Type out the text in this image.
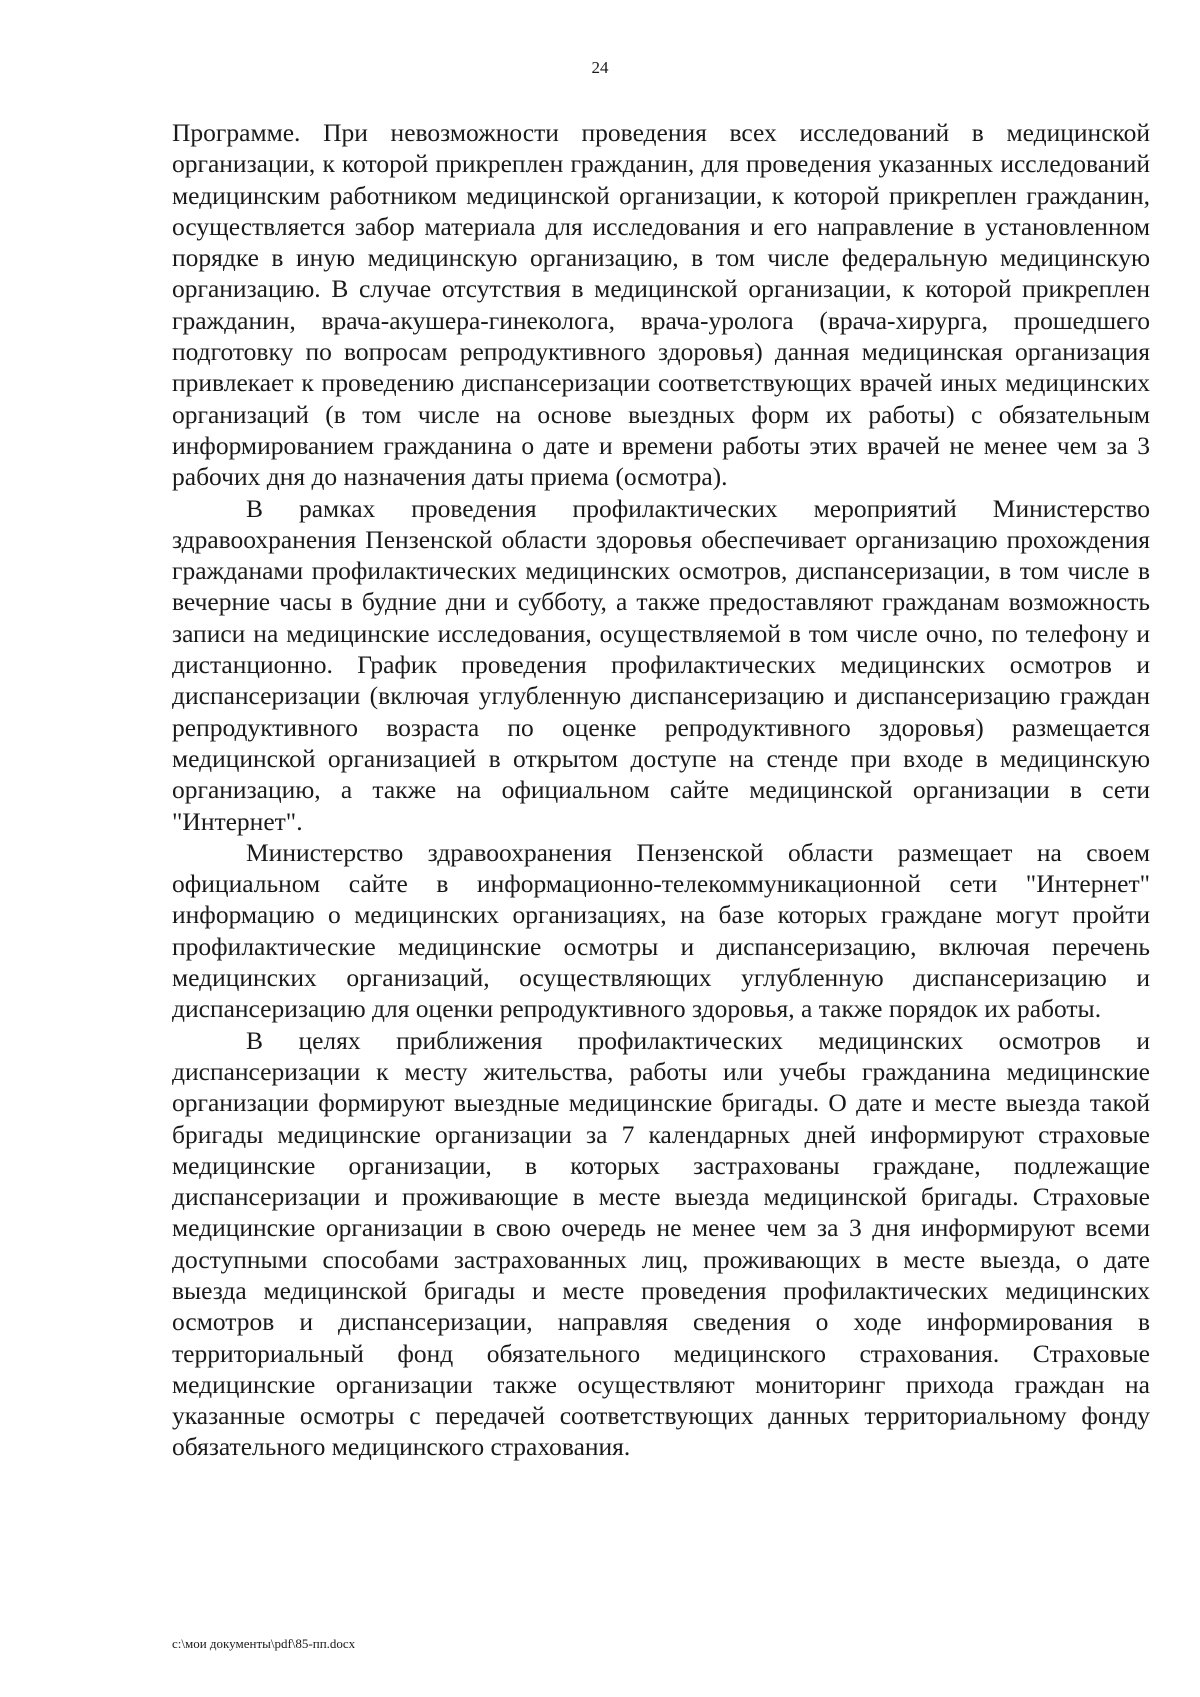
24

Программе. При невозможности проведения всех исследований в медицинской организации, к которой прикреплен гражданин, для проведения указанных исследований медицинским работником медицинской организации, к которой прикреплен гражданин, осуществляется забор материала для исследования и его направление в установленном порядке в иную медицинскую организацию, в том числе федеральную медицинскую организацию. В случае отсутствия в медицинской организации, к которой прикреплен гражданин, врача-акушера-гинеколога, врача-уролога (врача-хирурга, прошедшего подготовку по вопросам репродуктивного здоровья) данная медицинская организация привлекает к проведению диспансеризации соответствующих врачей иных медицинских организаций (в том числе на основе выездных форм их работы) с обязательным информированием гражданина о дате и времени работы этих врачей не менее чем за 3 рабочих дня до назначения даты приема (осмотра).

В рамках проведения профилактических мероприятий Министерство здравоохранения Пензенской области здоровья обеспечивает организацию прохождения гражданами профилактических медицинских осмотров, диспансеризации, в том числе в вечерние часы в будние дни и субботу, а также предоставляют гражданам возможность записи на медицинские исследования, осуществляемой в том числе очно, по телефону и дистанционно. График проведения профилактических медицинских осмотров и диспансеризации (включая углубленную диспансеризацию и диспансеризацию граждан репродуктивного возраста по оценке репродуктивного здоровья) размещается медицинской организацией в открытом доступе на стенде при входе в медицинскую организацию, а также на официальном сайте медицинской организации в сети "Интернет".

Министерство здравоохранения Пензенской области размещает на своем официальном сайте в информационно-телекоммуникационной сети "Интернет" информацию о медицинских организациях, на базе которых граждане могут пройти профилактические медицинские осмотры и диспансеризацию, включая перечень медицинских организаций, осуществляющих углубленную диспансеризацию и диспансеризацию для оценки репродуктивного здоровья, а также порядок их работы.

В целях приближения профилактических медицинских осмотров и диспансеризации к месту жительства, работы или учебы гражданина медицинские организации формируют выездные медицинские бригады. О дате и месте выезда такой бригады медицинские организации за 7 календарных дней информируют страховые медицинские организации, в которых застрахованы граждане, подлежащие диспансеризации и проживающие в месте выезда медицинской бригады. Страховые медицинские организации в свою очередь не менее чем за 3 дня информируют всеми доступными способами застрахованных лиц, проживающих в месте выезда, о дате выезда медицинской бригады и месте проведения профилактических медицинских осмотров и диспансеризации, направляя сведения о ходе информирования в территориальный фонд обязательного медицинского страхования. Страховые медицинские организации также осуществляют мониторинг прихода граждан на указанные осмотры с передачей соответствующих данных территориальному фонду обязательного медицинского страхования.

c:\мои документы\pdf\85-пп.docx
